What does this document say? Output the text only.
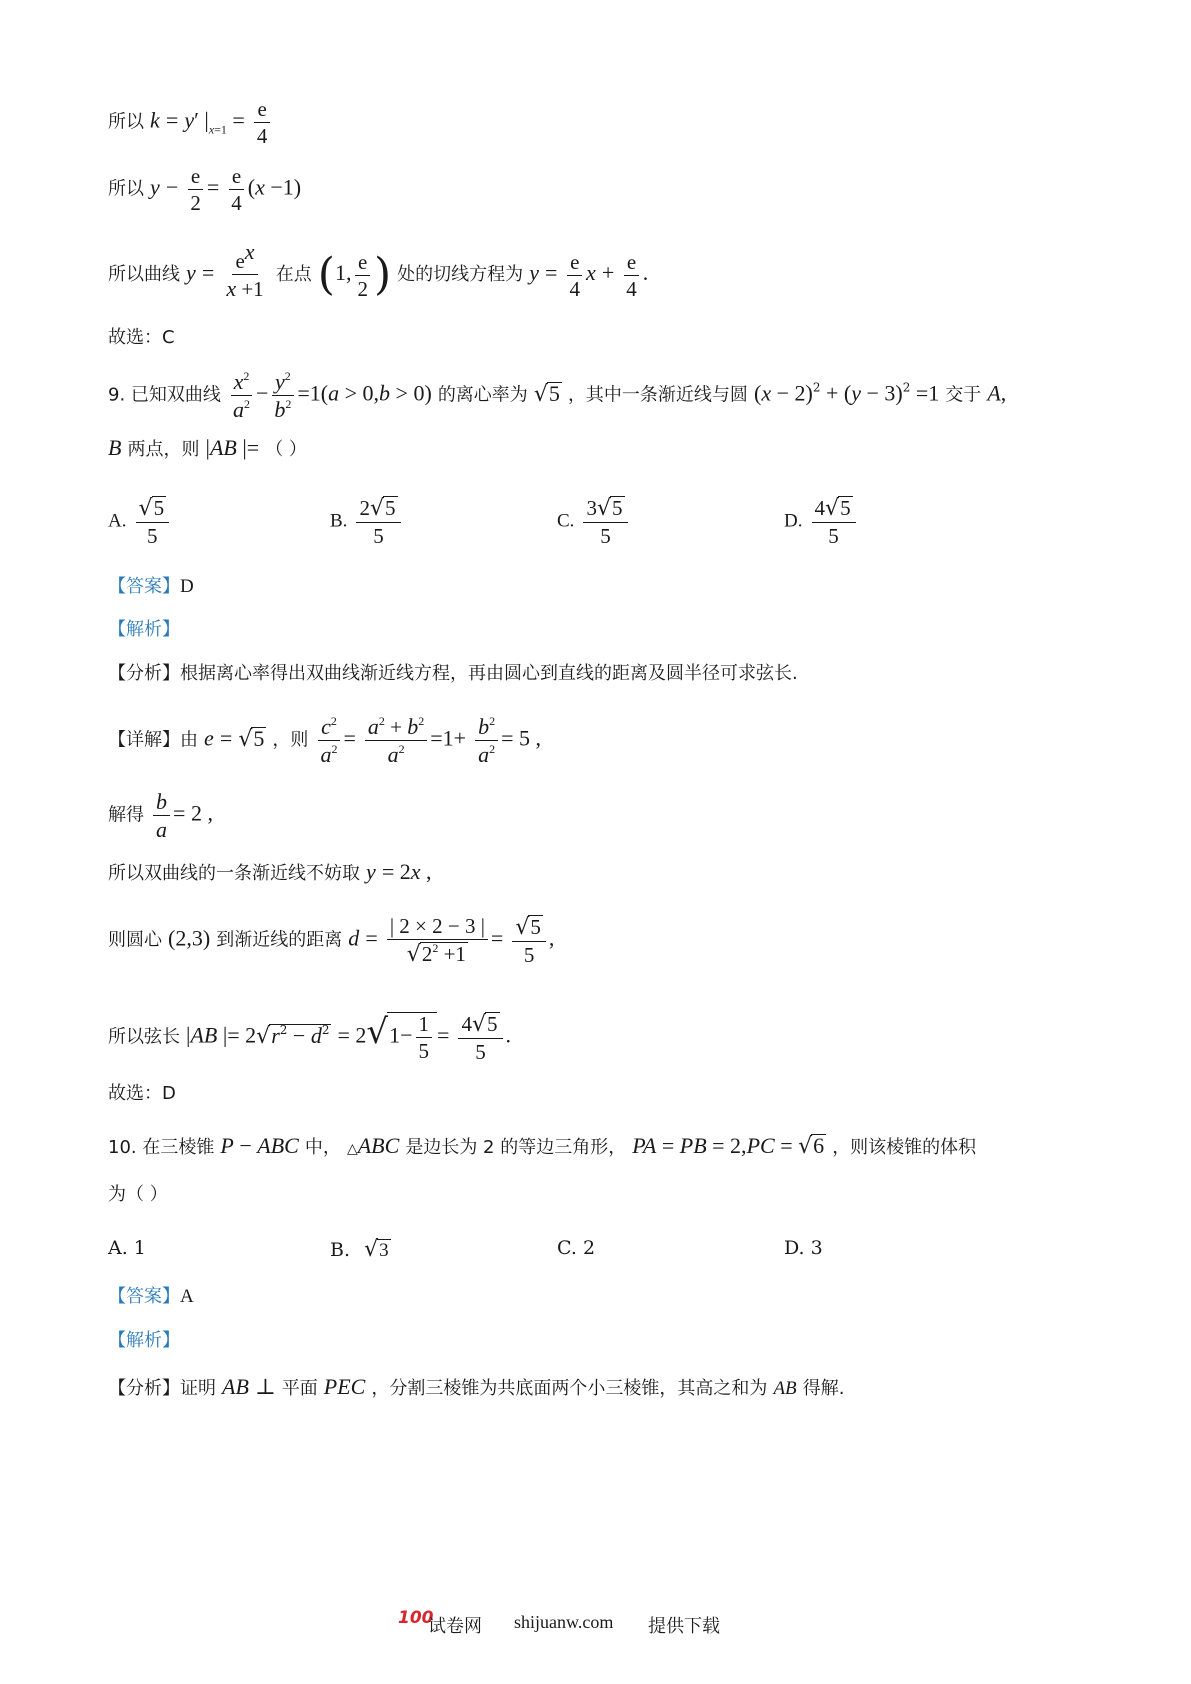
所以 k = y′ $|_{x=1} = \frac{e}{4}$
所以 $y - \frac{e}{2} = \frac{e}{4} (x -1)$
所以曲线 $y = \frac{e^x}{x +1}$ 在点 (1, $\frac{e}{2}$ ) 处的切线方程为 $y = \frac{e}{4}$ $x + \frac{e}{4}$ .
故选：C
9. 已知双曲线 $\frac{x^2}{a^2} - \frac{y^2}{b^2} =1(a > 0,b > 0)$ 的离心率为 √5 ，其中一条渐近线与圆 $(x - 2)^2 + (y - 3)^2 =1$ 交于 A,
B 两点，则 |AB |= （ ）
A. $\frac{√5}{5}$	B. $\frac{2√5}{5}$	C. $\frac{3√5}{5}$	D. $\frac{4√5}{5}$
【答案】D
【解析】
【分析】根据离心率得出双曲线渐近线方程，再由圆心到直线的距离及圆半径可求弦长.
【详解】由 e = √5 ，则 $\frac{c^2}{a^2} = \frac{a^2 + b^2}{a^2} =1+ \frac{b^2}{a^2} = 5$ ,
解得 $\frac{b}{a} = 2$ ,
所以双曲线的一条渐近线不妨取 y = 2x ,
则圆心 (2,3) 到渐近线的距离 $d = \frac{| 2 \times 2 - 3 |}{√2^2 +1} = \frac{√5}{5}$ ,
所以弦长 |AB |= $2√r^2 - d^2 = 2√1- \frac{1}{5} = \frac{4√5}{5}$ .
故选：D
10. 在三棱锥 P − ABC 中， △ABC 是边长为 2 的等边三角形， PA = PB = 2,PC = √6 ，则该棱锥的体积
为（ ）
A. 1	B. √3	C. 2	D. 3
【答案】A
【解析】
【分析】证明 AB ⊥ 平面 PEC ，分割三棱锥为共底面两个小三棱锥，其高之和为 AB 得解.
100
试卷网 shijuanw.com 提供下载
